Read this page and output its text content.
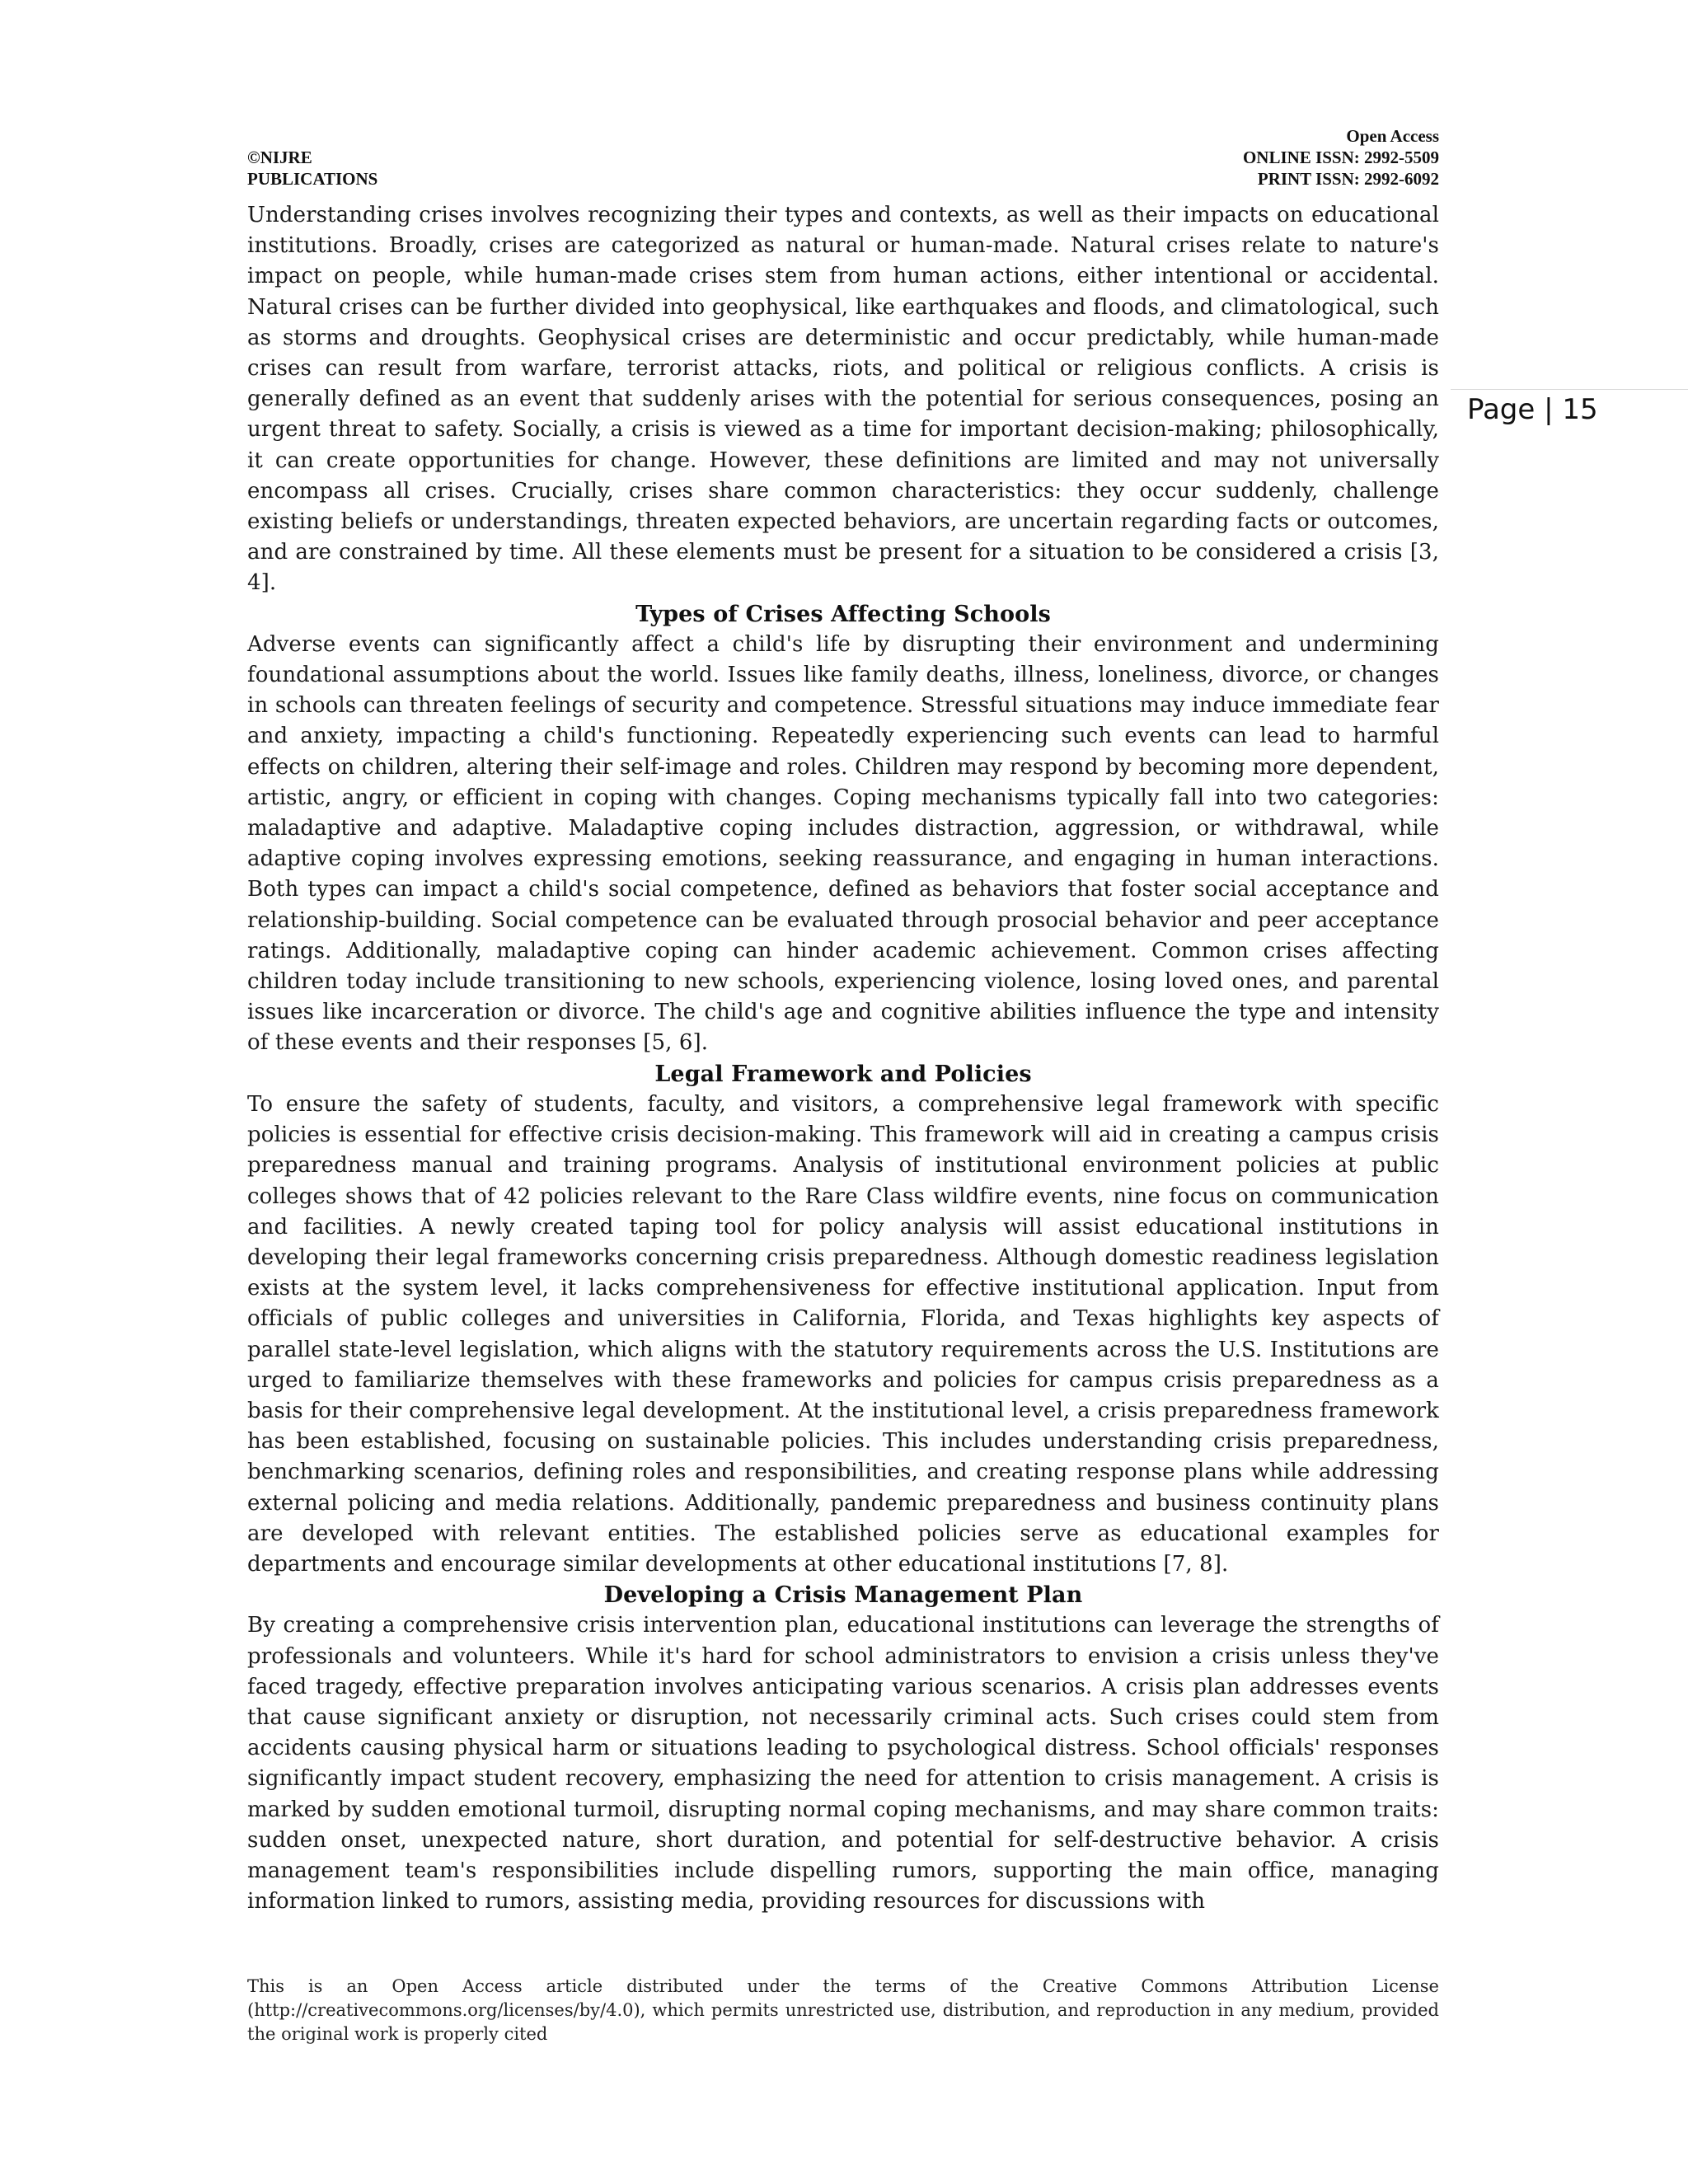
©NIJRE
PUBLICATIONS
Open Access
ONLINE ISSN: 2992-5509
PRINT ISSN: 2992-6092
Page | 15

Understanding crises involves recognizing their types and contexts, as well as their impacts on educational institutions. Broadly, crises are categorized as natural or human-made. Natural crises relate to nature's impact on people, while human-made crises stem from human actions, either intentional or accidental. Natural crises can be further divided into geophysical, like earthquakes and floods, and climatological, such as storms and droughts. Geophysical crises are deterministic and occur predictably, while human-made crises can result from warfare, terrorist attacks, riots, and political or religious conflicts. A crisis is generally defined as an event that suddenly arises with the potential for serious consequences, posing an urgent threat to safety. Socially, a crisis is viewed as a time for important decision-making; philosophically, it can create opportunities for change. However, these definitions are limited and may not universally encompass all crises. Crucially, crises share common characteristics: they occur suddenly, challenge existing beliefs or understandings, threaten expected behaviors, are uncertain regarding facts or outcomes, and are constrained by time. All these elements must be present for a situation to be considered a crisis [3, 4].

Types of Crises Affecting Schools

Adverse events can significantly affect a child's life by disrupting their environment and undermining foundational assumptions about the world. Issues like family deaths, illness, loneliness, divorce, or changes in schools can threaten feelings of security and competence. Stressful situations may induce immediate fear and anxiety, impacting a child's functioning. Repeatedly experiencing such events can lead to harmful effects on children, altering their self-image and roles. Children may respond by becoming more dependent, artistic, angry, or efficient in coping with changes. Coping mechanisms typically fall into two categories: maladaptive and adaptive. Maladaptive coping includes distraction, aggression, or withdrawal, while adaptive coping involves expressing emotions, seeking reassurance, and engaging in human interactions. Both types can impact a child's social competence, defined as behaviors that foster social acceptance and relationship-building. Social competence can be evaluated through prosocial behavior and peer acceptance ratings. Additionally, maladaptive coping can hinder academic achievement. Common crises affecting children today include transitioning to new schools, experiencing violence, losing loved ones, and parental issues like incarceration or divorce. The child's age and cognitive abilities influence the type and intensity of these events and their responses [5, 6].

Legal Framework and Policies

To ensure the safety of students, faculty, and visitors, a comprehensive legal framework with specific policies is essential for effective crisis decision-making. This framework will aid in creating a campus crisis preparedness manual and training programs. Analysis of institutional environment policies at public colleges shows that of 42 policies relevant to the Rare Class wildfire events, nine focus on communication and facilities. A newly created taping tool for policy analysis will assist educational institutions in developing their legal frameworks concerning crisis preparedness. Although domestic readiness legislation exists at the system level, it lacks comprehensiveness for effective institutional application. Input from officials of public colleges and universities in California, Florida, and Texas highlights key aspects of parallel state-level legislation, which aligns with the statutory requirements across the U.S. Institutions are urged to familiarize themselves with these frameworks and policies for campus crisis preparedness as a basis for their comprehensive legal development. At the institutional level, a crisis preparedness framework has been established, focusing on sustainable policies. This includes understanding crisis preparedness, benchmarking scenarios, defining roles and responsibilities, and creating response plans while addressing external policing and media relations. Additionally, pandemic preparedness and business continuity plans are developed with relevant entities. The established policies serve as educational examples for departments and encourage similar developments at other educational institutions [7, 8].

Developing a Crisis Management Plan

By creating a comprehensive crisis intervention plan, educational institutions can leverage the strengths of professionals and volunteers. While it's hard for school administrators to envision a crisis unless they've faced tragedy, effective preparation involves anticipating various scenarios. A crisis plan addresses events that cause significant anxiety or disruption, not necessarily criminal acts. Such crises could stem from accidents causing physical harm or situations leading to psychological distress. School officials' responses significantly impact student recovery, emphasizing the need for attention to crisis management. A crisis is marked by sudden emotional turmoil, disrupting normal coping mechanisms, and may share common traits: sudden onset, unexpected nature, short duration, and potential for self-destructive behavior. A crisis management team's responsibilities include dispelling rumors, supporting the main office, managing information linked to rumors, assisting media, providing resources for discussions with

This is an Open Access article distributed under the terms of the Creative Commons Attribution License (http://creativecommons.org/licenses/by/4.0), which permits unrestricted use, distribution, and reproduction in any medium, provided the original work is properly cited
